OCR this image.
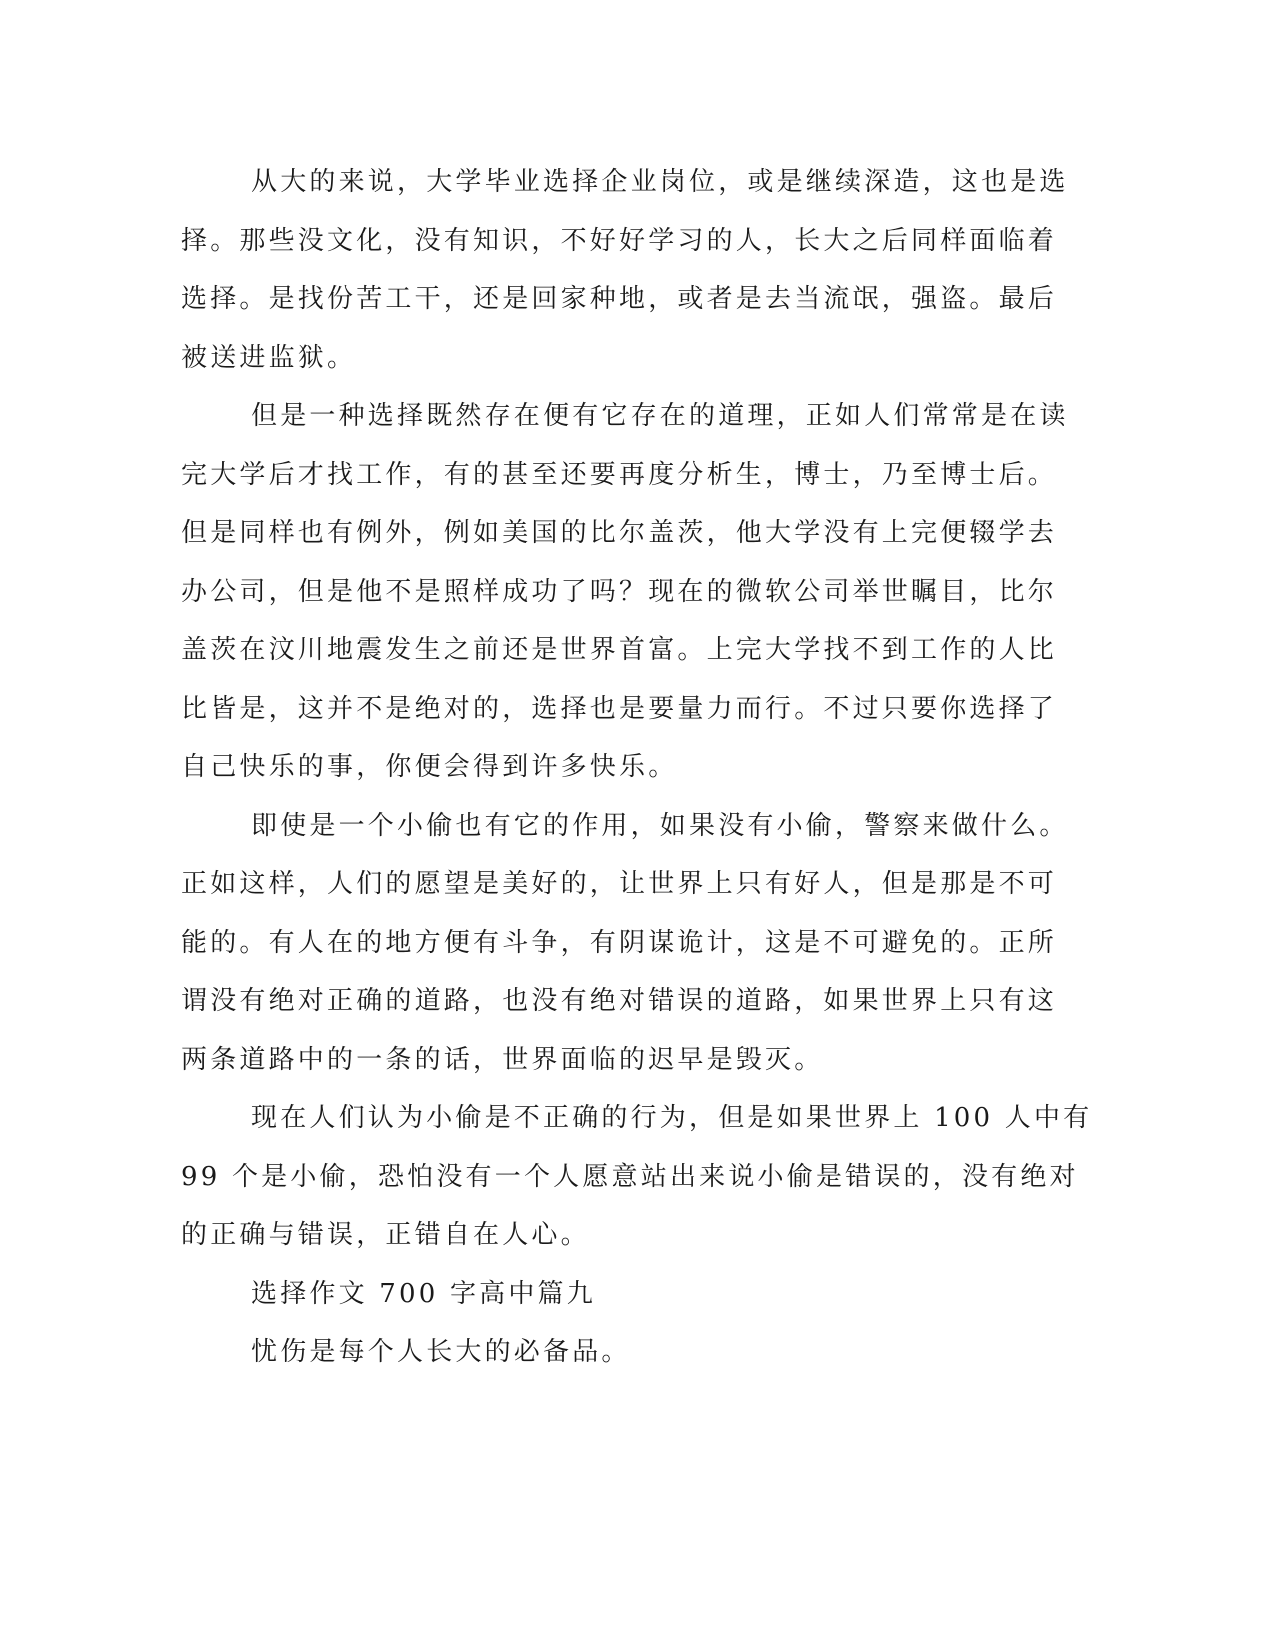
从大的来说，大学毕业选择企业岗位，或是继续深造，这也是选
择。那些没文化，没有知识，不好好学习的人，长大之后同样面临着
选择。是找份苦工干，还是回家种地，或者是去当流氓，强盗。最后
被送进监狱。
但是一种选择既然存在便有它存在的道理，正如人们常常是在读
完大学后才找工作，有的甚至还要再度分析生，博士，乃至博士后。
但是同样也有例外，例如美国的比尔盖茨，他大学没有上完便辍学去
办公司，但是他不是照样成功了吗？现在的微软公司举世瞩目，比尔
盖茨在汶川地震发生之前还是世界首富。上完大学找不到工作的人比
比皆是，这并不是绝对的，选择也是要量力而行。不过只要你选择了
自己快乐的事，你便会得到许多快乐。
即使是一个小偷也有它的作用，如果没有小偷，警察来做什么。
正如这样，人们的愿望是美好的，让世界上只有好人，但是那是不可
能的。有人在的地方便有斗争，有阴谋诡计，这是不可避免的。正所
谓没有绝对正确的道路，也没有绝对错误的道路，如果世界上只有这
两条道路中的一条的话，世界面临的迟早是毁灭。
现在人们认为小偷是不正确的行为，但是如果世界上 100 人中有
99 个是小偷，恐怕没有一个人愿意站出来说小偷是错误的，没有绝对
的正确与错误，正错自在人心。
选择作文 700 字高中篇九
忧伤是每个人长大的必备品。
